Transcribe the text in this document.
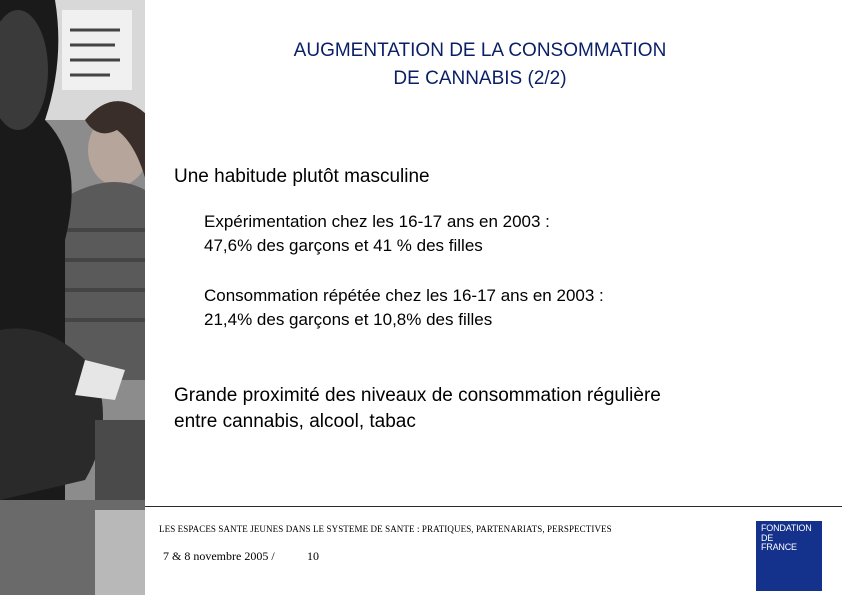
AUGMENTATION DE LA CONSOMMATION
DE CANNABIS (2/2)
Une habitude plutôt masculine
Expérimentation chez les 16-17 ans en 2003 :
47,6% des garçons et 41 % des filles
Consommation répétée chez les 16-17 ans en 2003 :
21,4% des garçons et 10,8% des filles
Grande proximité des niveaux de consommation régulière
entre cannabis, alcool, tabac
LES ESPACES SANTE JEUNES DANS LE SYSTEME DE SANTE : PRATIQUES, PARTENARIATS, PERSPECTIVES
7 & 8 novembre 2005 /	10
FONDATION
DE
FRANCE
